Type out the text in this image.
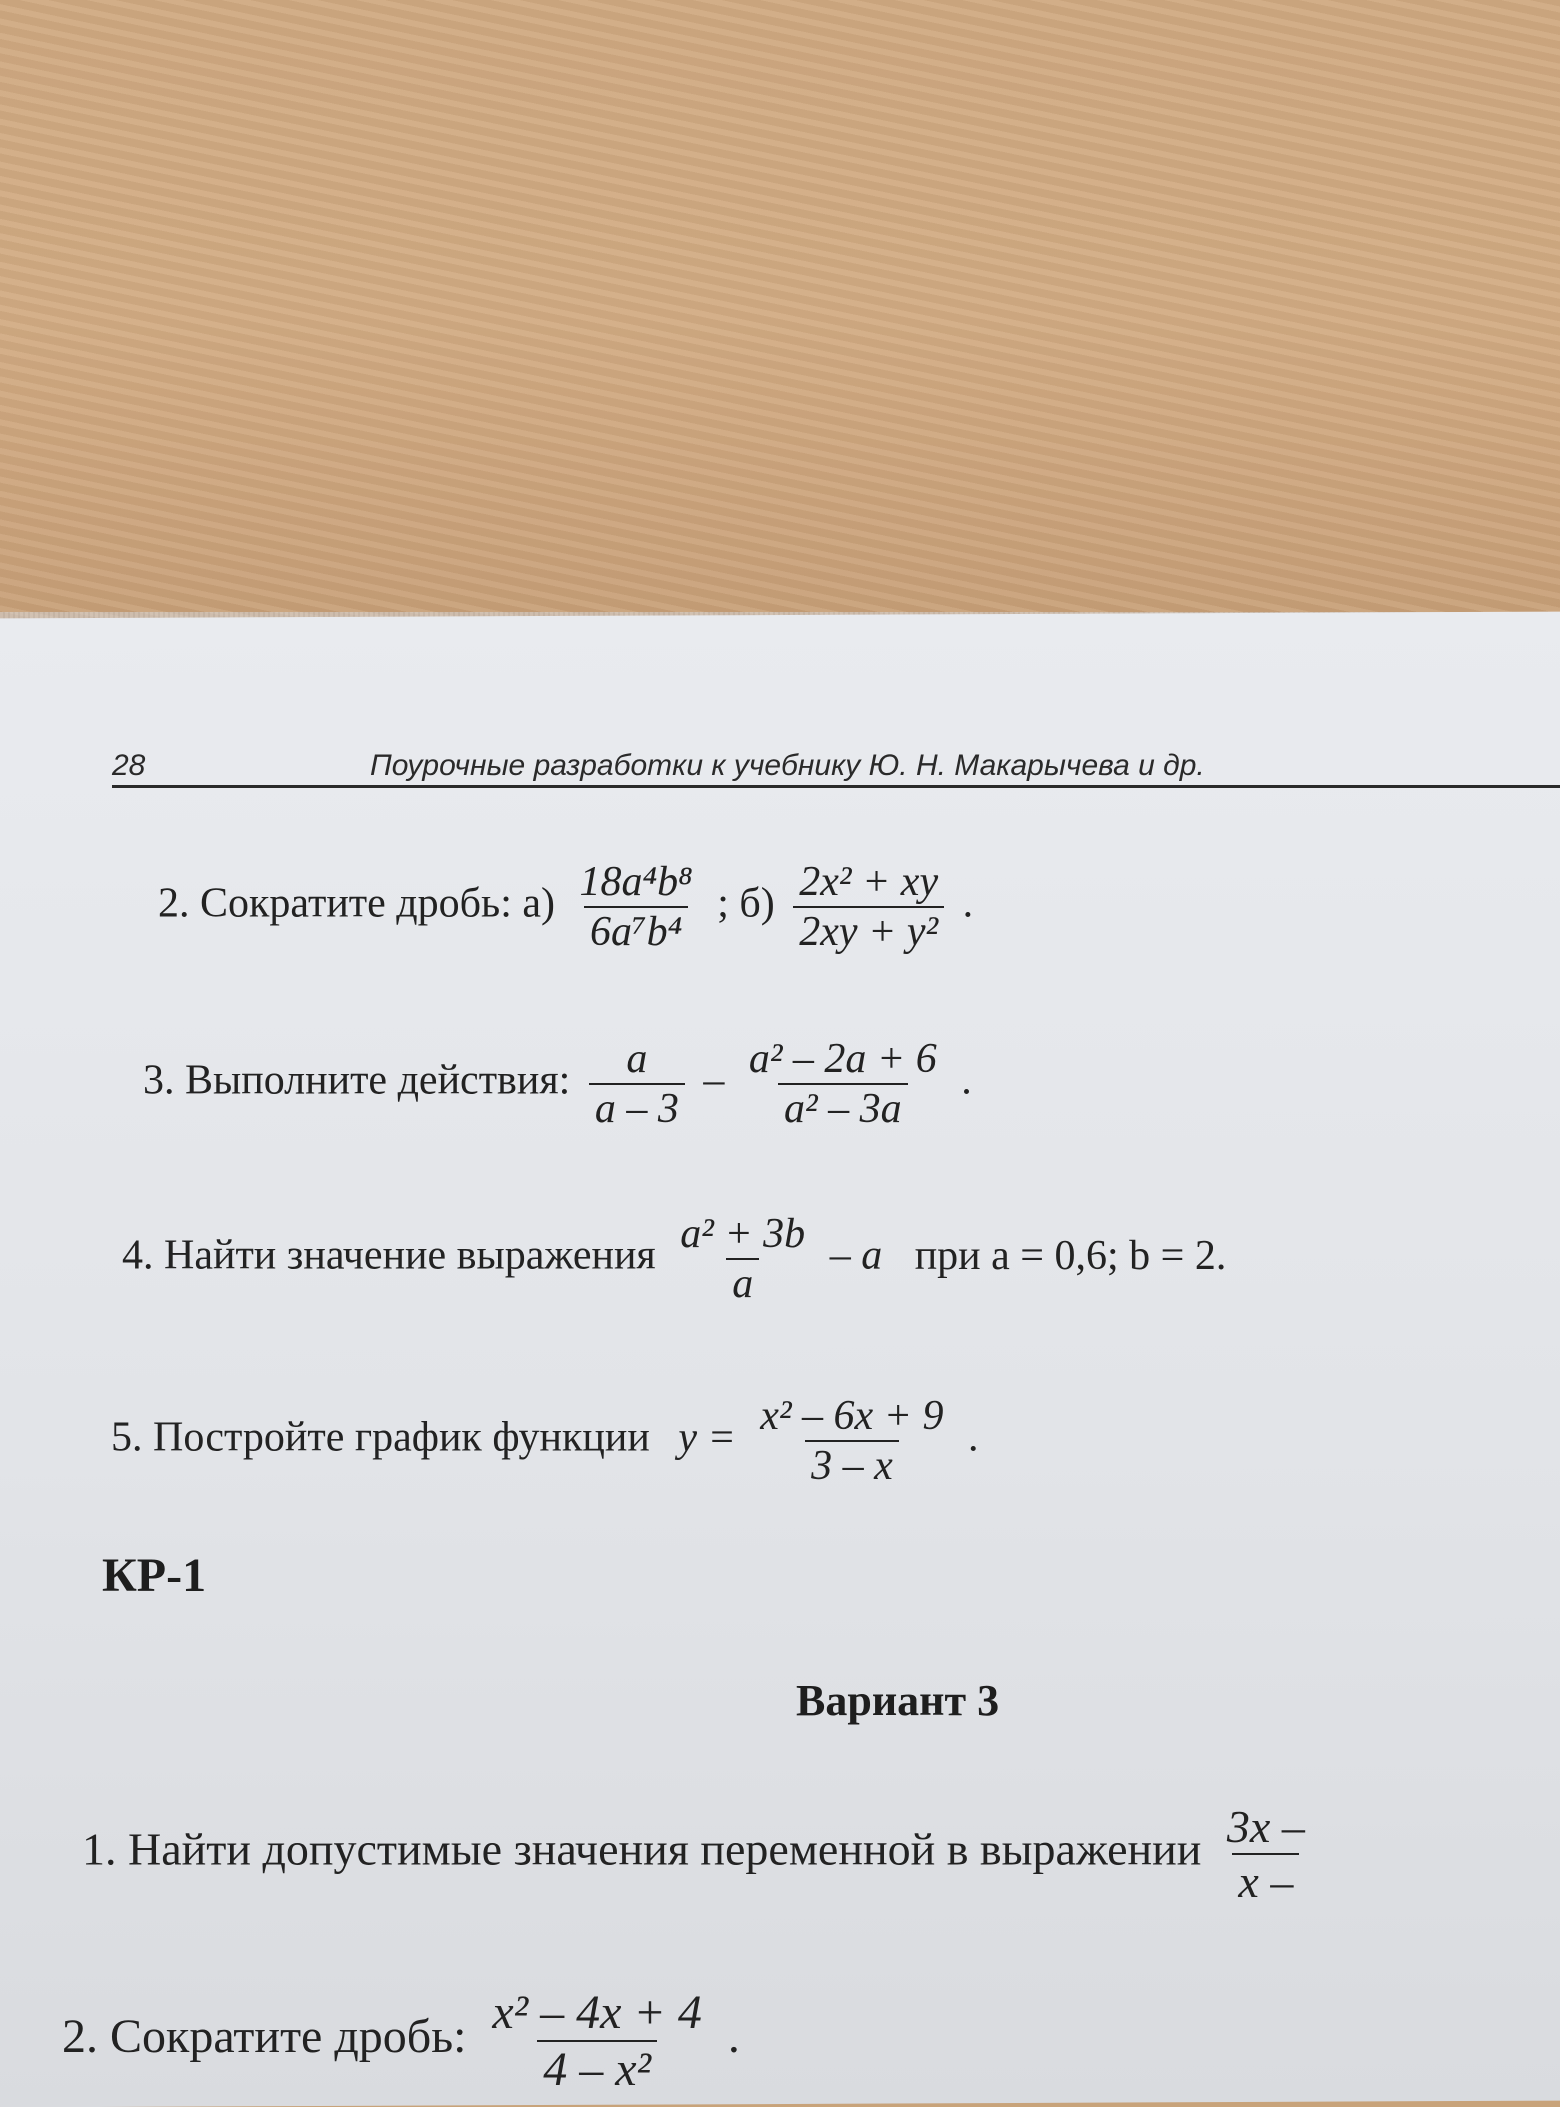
28	Поурочные разработки к учебнику Ю. Н. Макарычева и др.
2. Сократите дробь: $а) \frac{\text{18a⁴b⁸}}{\text{6a⁷b⁴}}$ ; $б) \frac{\text{2x² + xy}}{\text{2xy + y²}}$ .
3. Выполните действия: $\frac{a}{a - 3} - \frac{\text{a² – 2a + 6}}{\text{a² – 3a}}$ .
4. Найти значение выражения $\frac{\text{a² + 3b}}{a}$ – a при a = 0,6; b = 2.
5. Постройте график функции $y = \frac{\text{x² – 6x + 9}}{3 - x}$ .
КР-1
Вариант 3
1. Найти допустимые значения переменной в выражении $\frac{3x -}{x -}$
2. Сократите дробь: $\frac{\text{x² – 4x + 4}}{\text{4 – x²}}$ .
